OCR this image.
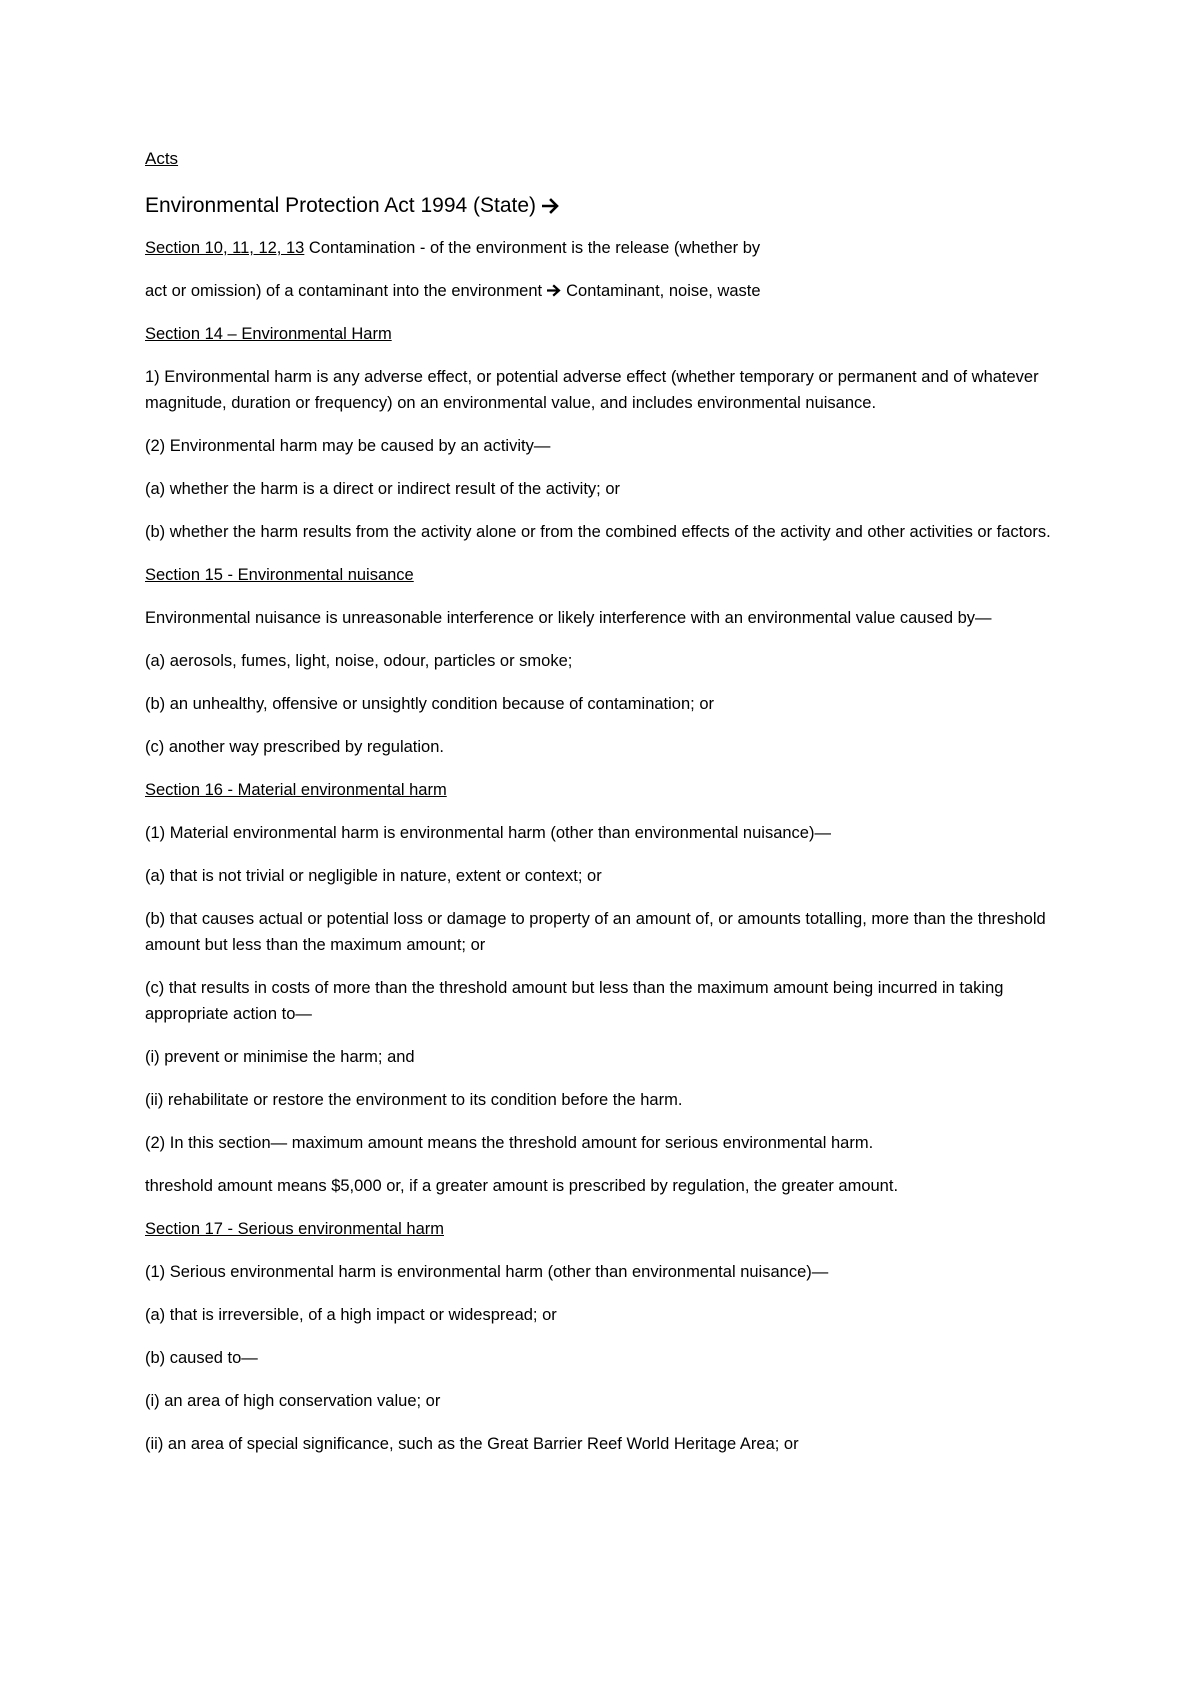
Acts
Environmental Protection Act 1994 (State)
Section 10, 11, 12, 13 Contamination - of the environment is the release (whether by
act or omission) of a contaminant into the environment Contaminant, noise, waste
Section 14 – Environmental Harm
1) Environmental harm is any adverse effect, or potential adverse effect (whether temporary or permanent and of whatever magnitude, duration or frequency) on an environmental value, and includes environmental nuisance.
(2) Environmental harm may be caused by an activity—
(a) whether the harm is a direct or indirect result of the activity; or
(b) whether the harm results from the activity alone or from the combined effects of the activity and other activities or factors.
Section 15 - Environmental nuisance
Environmental nuisance is unreasonable interference or likely interference with an environmental value caused by—
(a) aerosols, fumes, light, noise, odour, particles or smoke;
(b) an unhealthy, offensive or unsightly condition because of contamination; or
(c) another way prescribed by regulation.
Section 16 - Material environmental harm
(1) Material environmental harm is environmental harm (other than environmental nuisance)—
(a) that is not trivial or negligible in nature, extent or context; or
(b) that causes actual or potential loss or damage to property of an amount of, or amounts totalling, more than the threshold amount but less than the maximum amount; or
(c) that results in costs of more than the threshold amount but less than the maximum amount being incurred in taking appropriate action to—
(i) prevent or minimise the harm; and
(ii) rehabilitate or restore the environment to its condition before the harm.
(2) In this section— maximum amount means the threshold amount for serious environmental harm.
threshold amount means $5,000 or, if a greater amount is prescribed by regulation, the greater amount.
Section 17 - Serious environmental harm
(1) Serious environmental harm is environmental harm (other than environmental nuisance)—
(a) that is irreversible, of a high impact or widespread; or
(b) caused to—
(i) an area of high conservation value; or
(ii) an area of special significance, such as the Great Barrier Reef World Heritage Area; or
